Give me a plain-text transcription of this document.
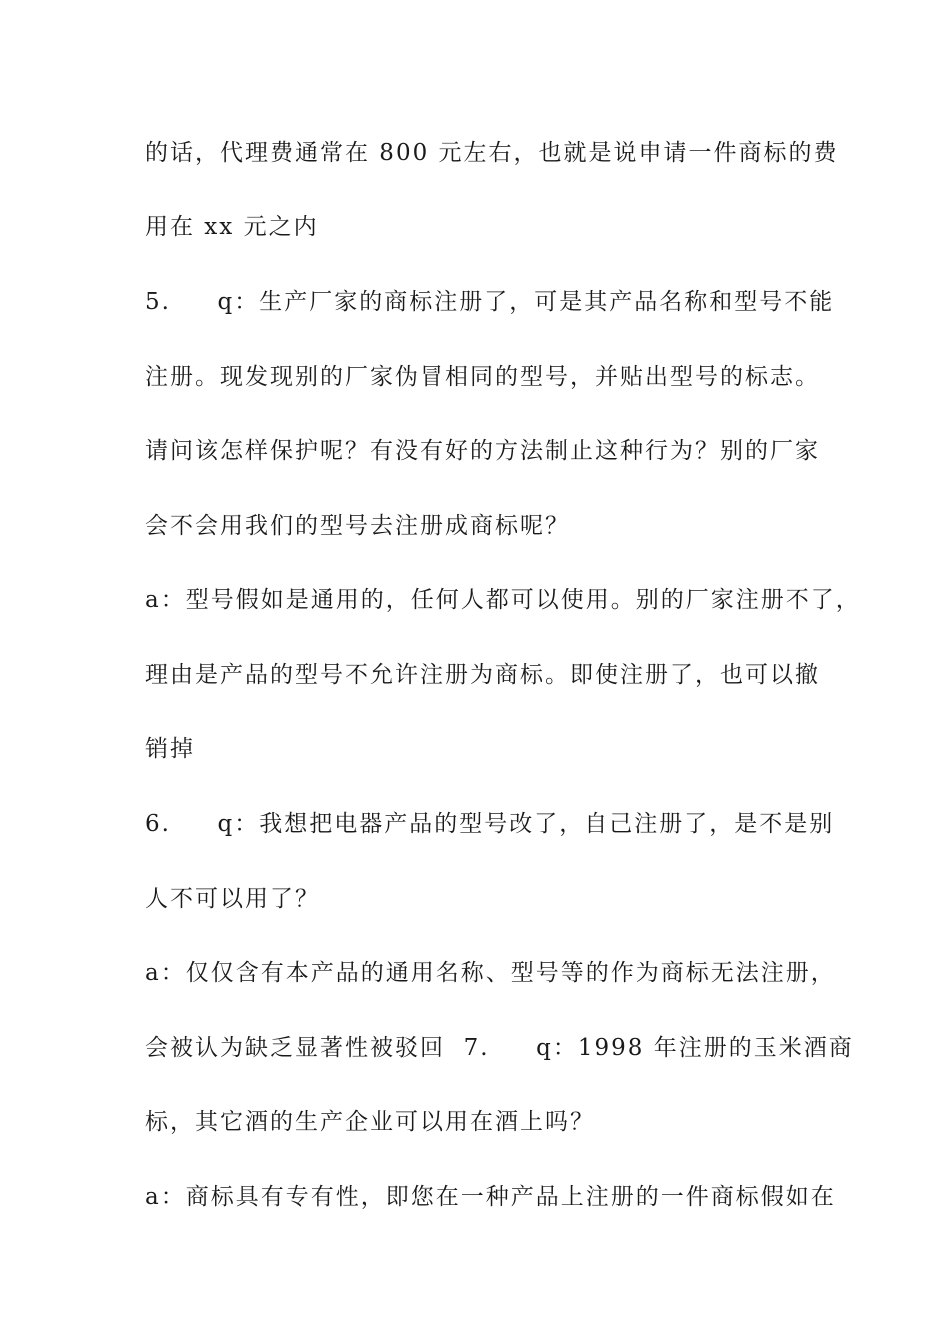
的话，代理费通常在 800 元左右，也就是说申请一件商标的费
用在 xx 元之内
5.     q：生产厂家的商标注册了，可是其产品名称和型号不能
注册。现发现别的厂家伪冒相同的型号，并贴出型号的标志。
请问该怎样保护呢？有没有好的方法制止这种行为？别的厂家
会不会用我们的型号去注册成商标呢？
a：型号假如是通用的，任何人都可以使用。别的厂家注册不了，
理由是产品的型号不允许注册为商标。即使注册了，也可以撤
销掉
6.     q：我想把电器产品的型号改了，自己注册了，是不是别
人不可以用了？
a：仅仅含有本产品的通用名称、型号等的作为商标无法注册，
会被认为缺乏显著性被驳回  7.     q：1998 年注册的玉米酒商
标，其它酒的生产企业可以用在酒上吗？
a：商标具有专有性，即您在一种产品上注册的一件商标假如在
